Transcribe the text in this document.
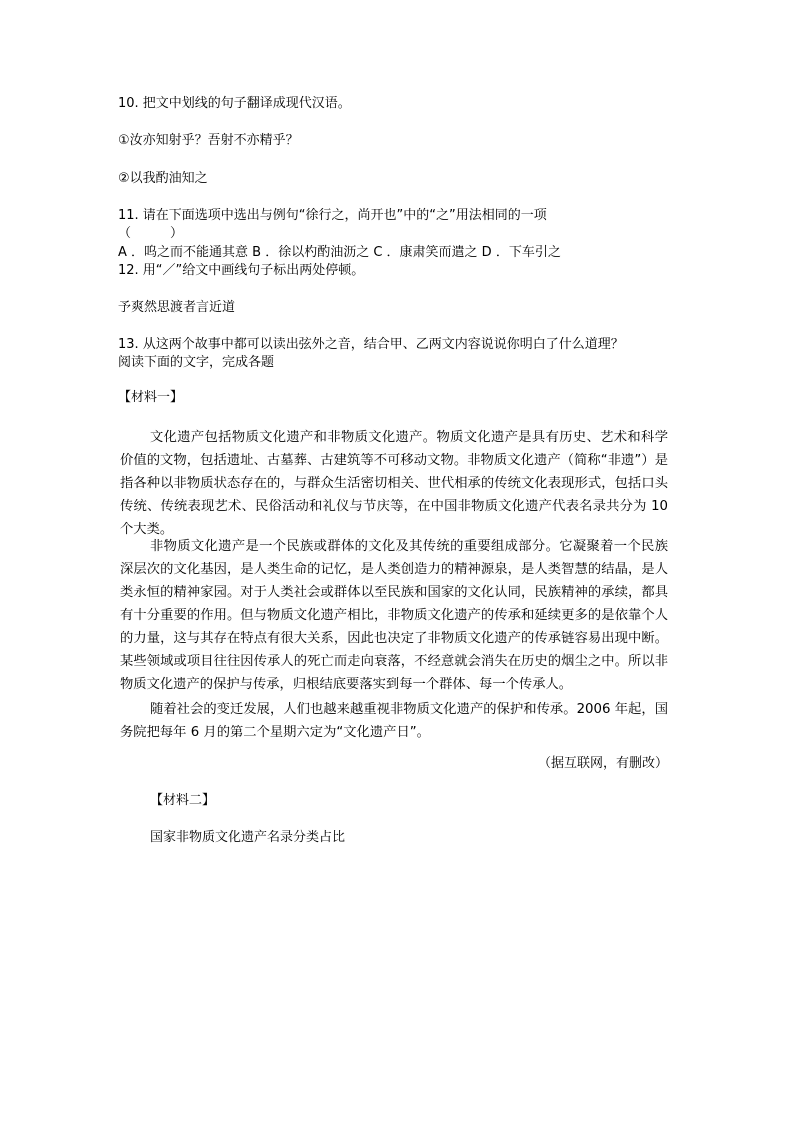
10. 把文中划线的句子翻译成现代汉语。
①汝亦知射乎？吾射不亦精乎？
②以我酌油知之
11. 请在下面选项中选出与例句“徐行之，尚开也”中的“之”用法相同的一项
（　　　）
A ．呜之而不能通其意 B ．徐以杓酌油沥之 C ．康肃笑而遣之 D ．下车引之
12. 用“／”给文中画线句子标出两处停顿。
予爽然思渡者言近道
13. 从这两个故事中都可以读出弦外之音，结合甲、乙两文内容说说你明白了什么道理？
阅读下面的文字，完成各题
【材料一】
文化遗产包括物质文化遗产和非物质文化遗产。物质文化遗产是具有历史、艺术和科学价值的文物，包括遗址、古墓葬、古建筑等不可移动文物。非物质文化遗产（简称“非遗”）是指各种以非物质状态存在的，与群众生活密切相关、世代相承的传统文化表现形式，包括口头传统、传统表现艺术、民俗活动和礼仪与节庆等，在中国非物质文化遗产代表名录共分为 10 个大类。
非物质文化遗产是一个民族或群体的文化及其传统的重要组成部分。它凝聚着一个民族深层次的文化基因，是人类生命的记忆，是人类创造力的精神源泉，是人类智慧的结晶，是人类永恒的精神家园。对于人类社会或群体以至民族和国家的文化认同，民族精神的承续，都具有十分重要的作用。但与物质文化遗产相比，非物质文化遗产的传承和延续更多的是依靠个人的力量，这与其存在特点有很大关系，因此也决定了非物质文化遗产的传承链容易出现中断。某些领域或项目往往因传承人的死亡而走向衰落，不经意就会消失在历史的烟尘之中。所以非物质文化遗产的保护与传承，归根结底要落实到每一个群体、每一个传承人。
随着社会的变迁发展，人们也越来越重视非物质文化遗产的保护和传承。2006 年起，国务院把每年 6 月的第二个星期六定为“文化遗产日”。
（据互联网，有删改）
【材料二】
国家非物质文化遗产名录分类占比
